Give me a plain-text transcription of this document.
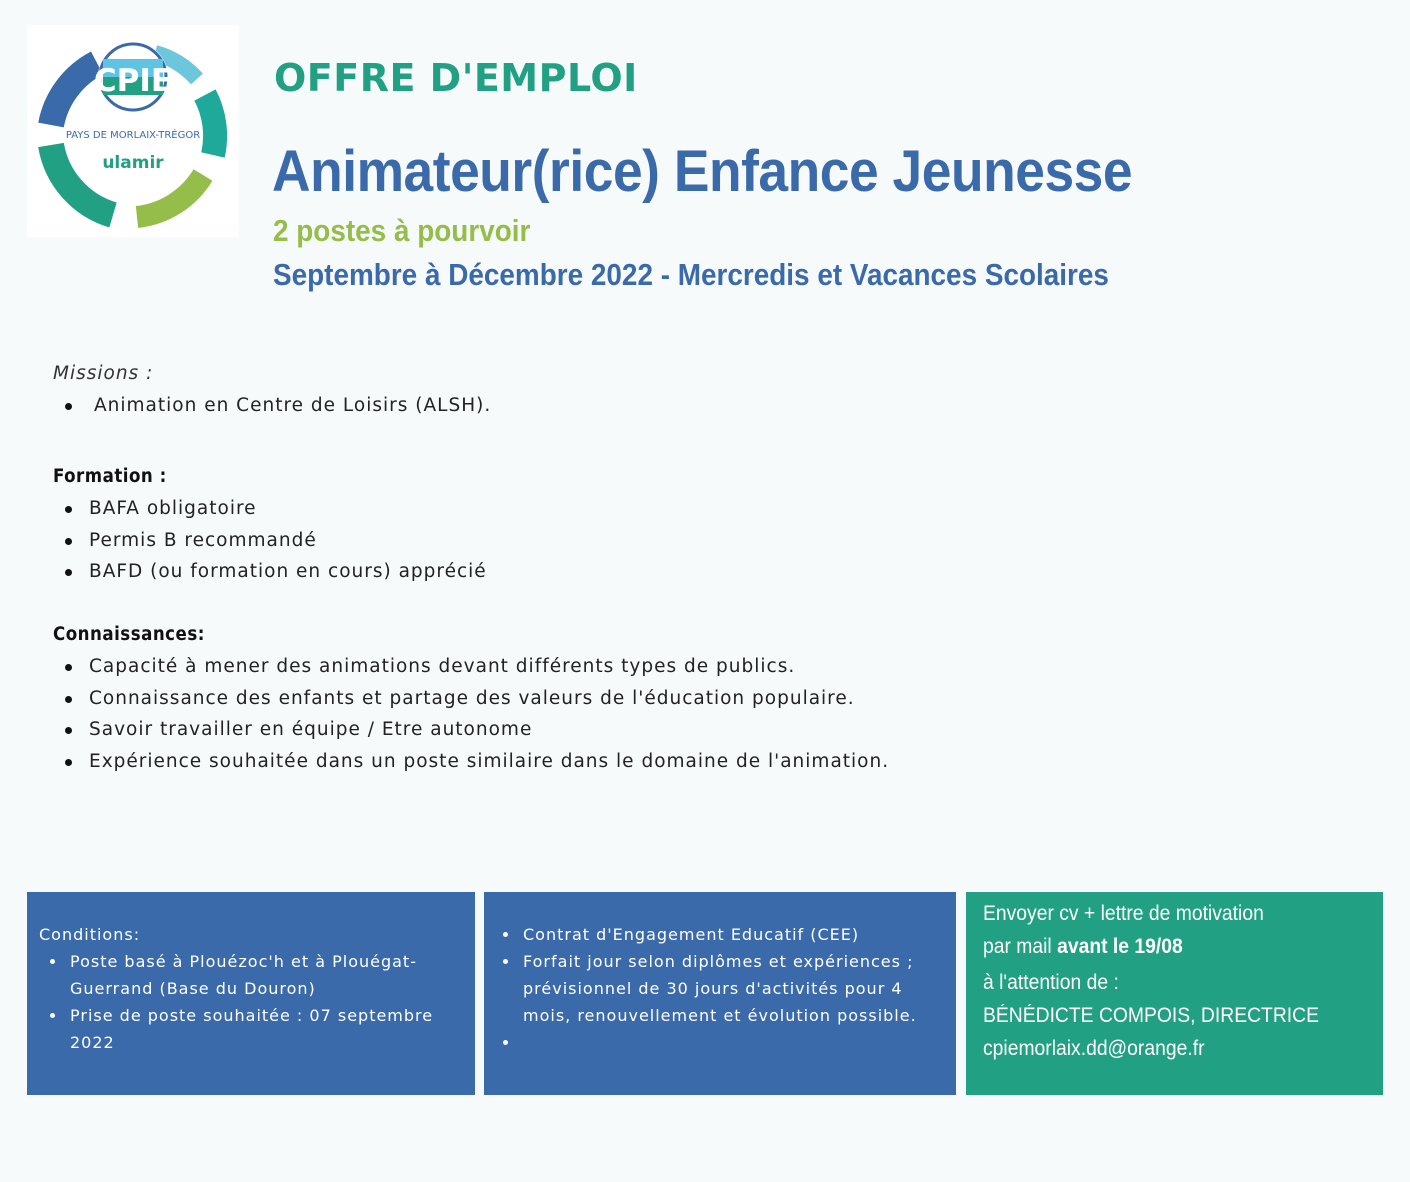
CPIE
PAYS DE MORLAIX-TRÉGOR
ulamir
OFFRE D'EMPLOI
Animateur(rice) Enfance Jeunesse
2 postes à pourvoir
Septembre à Décembre 2022 - Mercredis et Vacances Scolaires
Missions :
Animation en Centre de Loisirs (ALSH).
Formation :
BAFA obligatoire
Permis B recommandé
BAFD (ou formation en cours) apprécié
Connaissances:
Capacité à mener des animations devant différents types de publics.
Connaissance des enfants et partage des valeurs de l'éducation populaire.
Savoir travailler en équipe / Etre autonome
Expérience souhaitée dans un poste similaire dans le domaine de l'animation.
Conditions:
Poste basé à Plouézoc'h et à Plouégat-Guerrand (Base du Douron)
Prise de poste souhaitée : 07 septembre 2022
Contrat d'Engagement Educatif (CEE)
Forfait jour selon diplômes et expériences ; prévisionnel de 30 jours d'activités pour 4 mois, renouvellement et évolution possible.
Envoyer cv + lettre de motivation
par mail avant le 19/08
à l'attention de :
BÉNÉDICTE COMPOIS, DIRECTRICE
cpiemorlaix.dd@orange.fr
